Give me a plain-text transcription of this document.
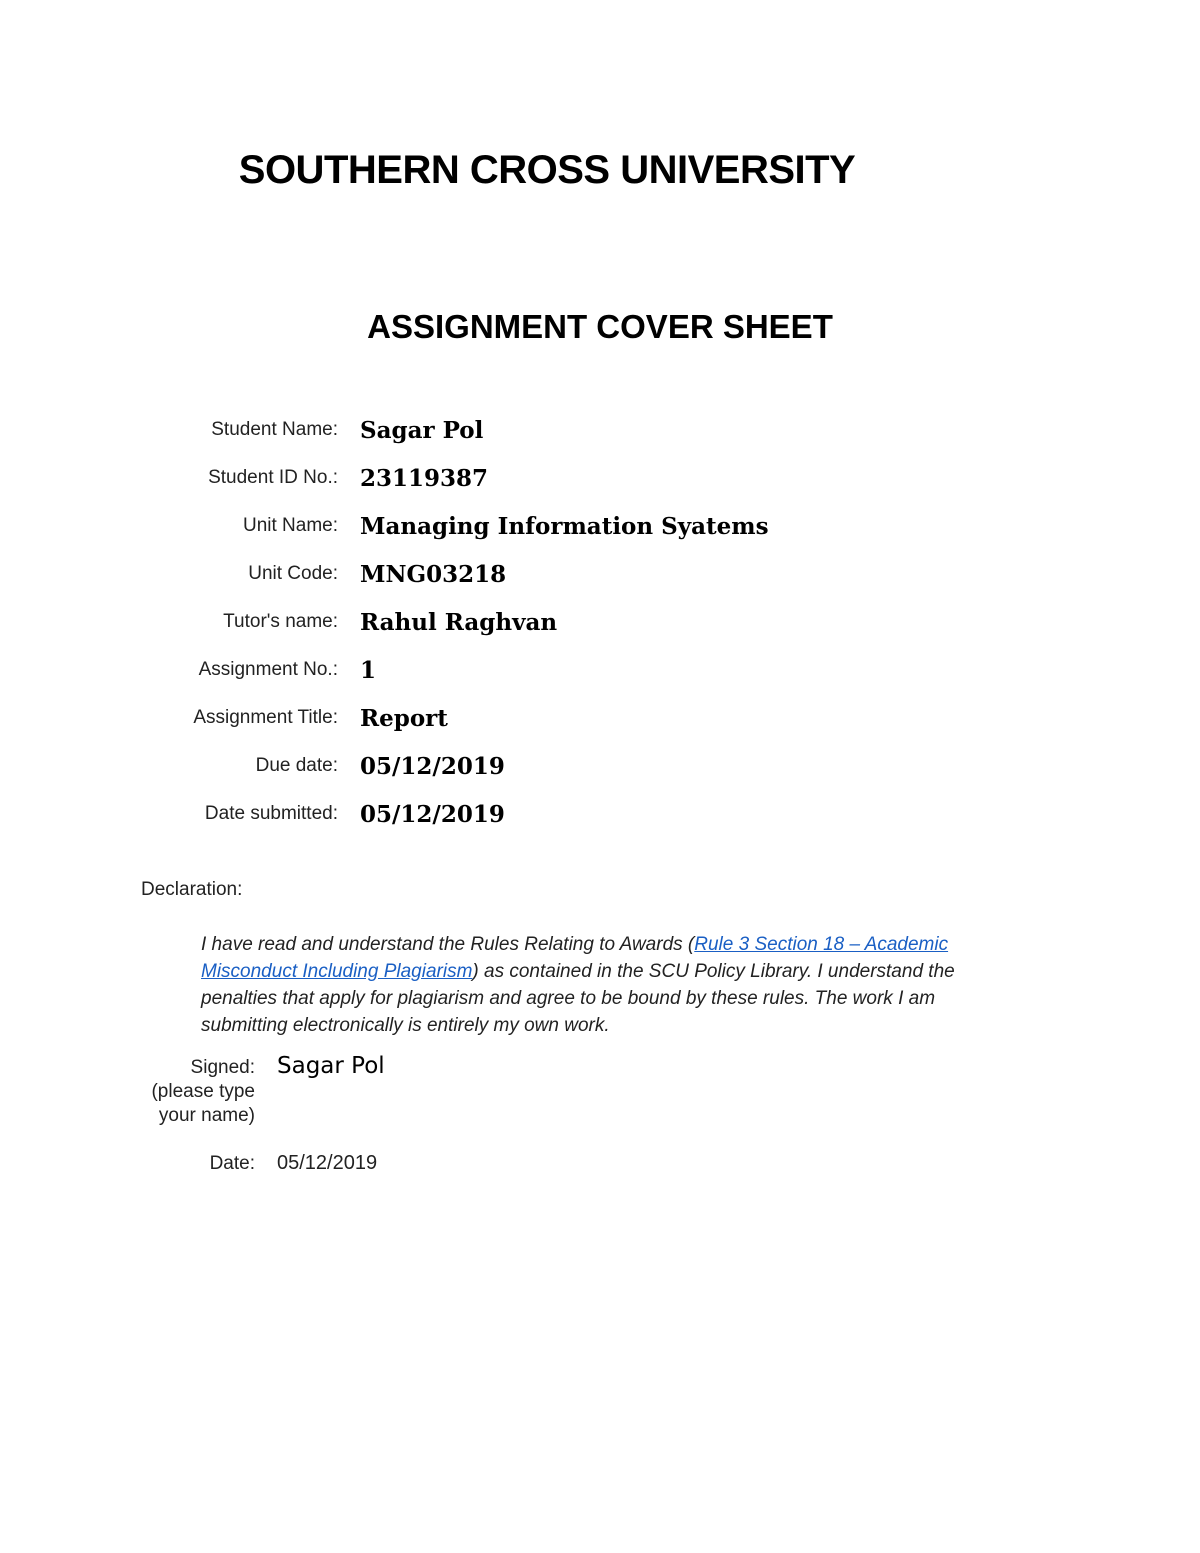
SOUTHERN CROSS UNIVERSITY
ASSIGNMENT COVER SHEET
Student Name: Sagar Pol
Student ID No.: 23119387
Unit Name: Managing Information Syatems
Unit Code: MNG03218
Tutor's name: Rahul Raghvan
Assignment No.: 1
Assignment Title: Report
Due date: 05/12/2019
Date submitted: 05/12/2019
Declaration:

I have read and understand the Rules Relating to Awards (Rule 3 Section 18 – Academic Misconduct Including Plagiarism) as contained in the SCU Policy Library. I understand the penalties that apply for plagiarism and agree to be bound by these rules. The work I am submitting electronically is entirely my own work.

Signed:
(please type
your name)
Sagar Pol
Date: 05/12/2019
